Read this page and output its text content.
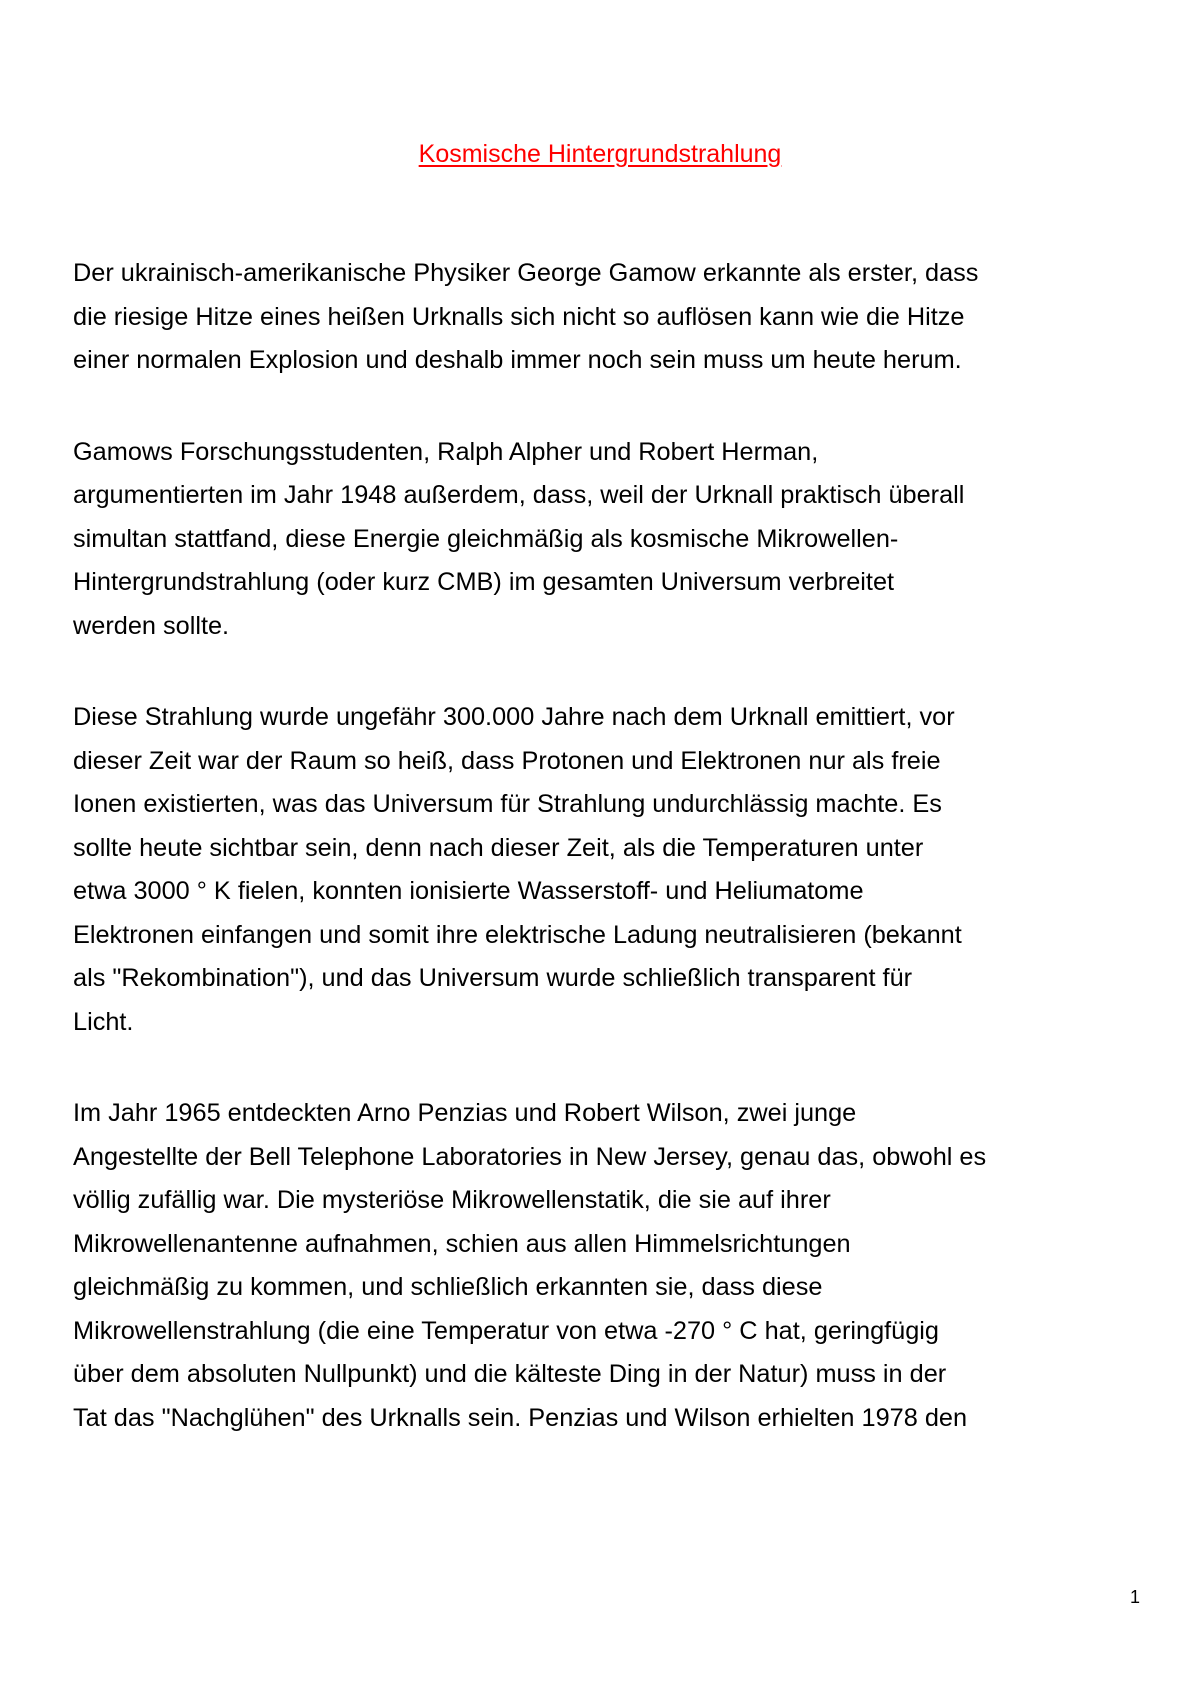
Kosmische Hintergrundstrahlung

Der ukrainisch-amerikanische Physiker George Gamow erkannte als erster, dass
die riesige Hitze eines heißen Urknalls sich nicht so auflösen kann wie die Hitze
einer normalen Explosion und deshalb immer noch sein muss um heute herum.

Gamows Forschungsstudenten, Ralph Alpher und Robert Herman,
argumentierten im Jahr 1948 außerdem, dass, weil der Urknall praktisch überall
simultan stattfand, diese Energie gleichmäßig als kosmische Mikrowellen-
Hintergrundstrahlung (oder kurz CMB) im gesamten Universum verbreitet
werden sollte.

Diese Strahlung wurde ungefähr 300.000 Jahre nach dem Urknall emittiert, vor
dieser Zeit war der Raum so heiß, dass Protonen und Elektronen nur als freie
Ionen existierten, was das Universum für Strahlung undurchlässig machte. Es
sollte heute sichtbar sein, denn nach dieser Zeit, als die Temperaturen unter
etwa 3000 ° K fielen, konnten ionisierte Wasserstoff- und Heliumatome
Elektronen einfangen und somit ihre elektrische Ladung neutralisieren (bekannt
als "Rekombination"), und das Universum wurde schließlich transparent für
Licht.

Im Jahr 1965 entdeckten Arno Penzias und Robert Wilson, zwei junge
Angestellte der Bell Telephone Laboratories in New Jersey, genau das, obwohl es
völlig zufällig war. Die mysteriöse Mikrowellenstatik, die sie auf ihrer
Mikrowellenantenne aufnahmen, schien aus allen Himmelsrichtungen
gleichmäßig zu kommen, und schließlich erkannten sie, dass diese
Mikrowellenstrahlung (die eine Temperatur von etwa -270 ° C hat, geringfügig
über dem absoluten Nullpunkt) und die kälteste Ding in der Natur) muss in der
Tat das "Nachglühen" des Urknalls sein. Penzias und Wilson erhielten 1978 den

1
